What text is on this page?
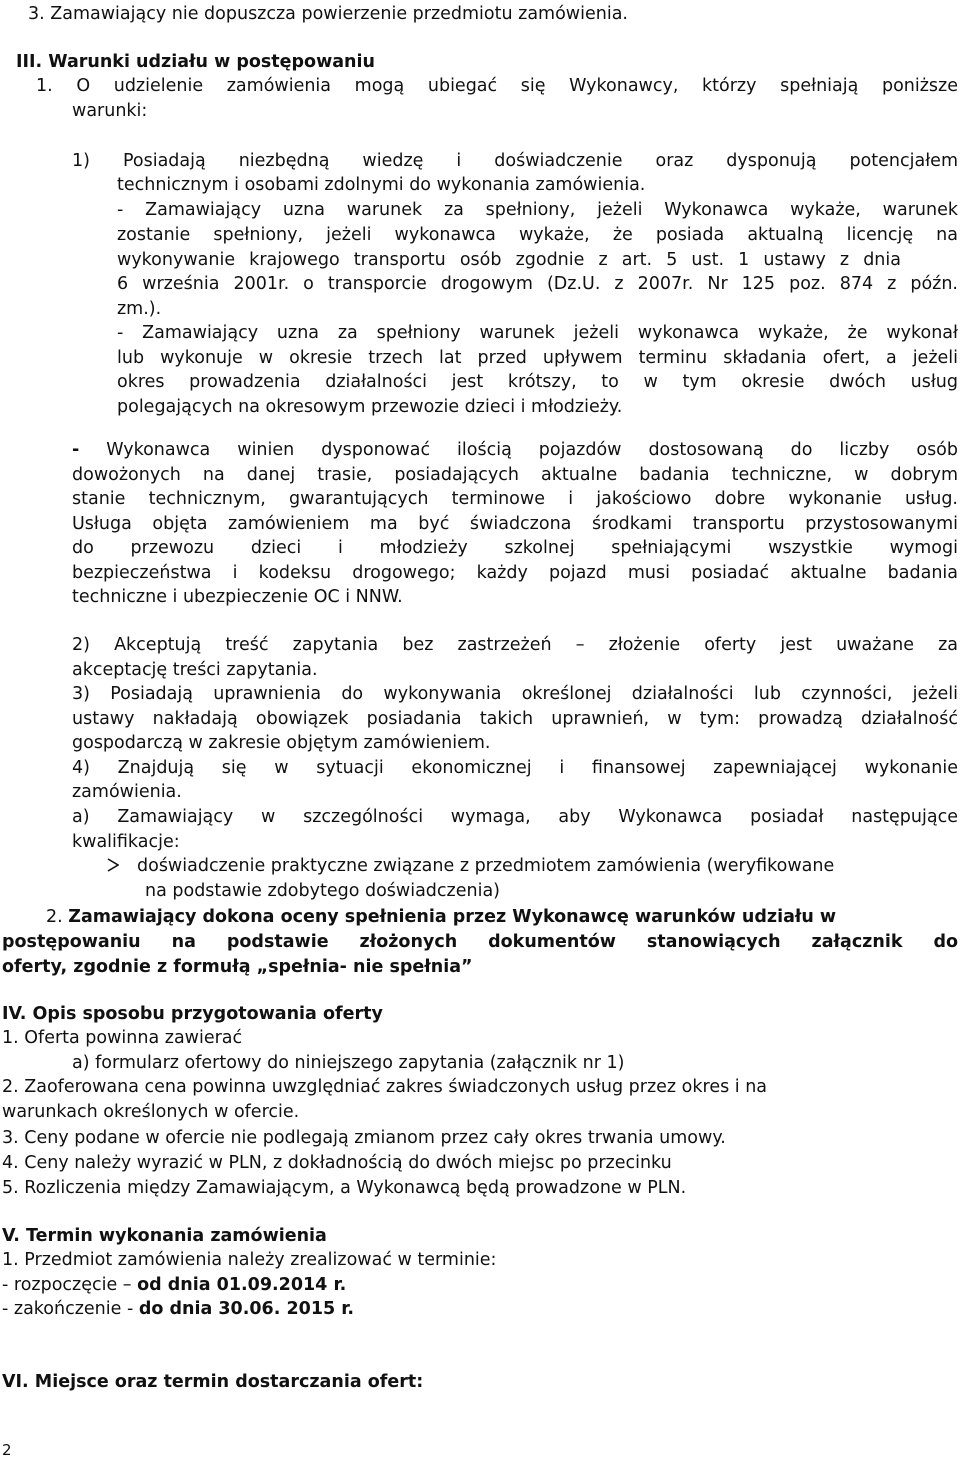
3. Zamawiający nie dopuszcza powierzenie przedmiotu zamówienia.
III. Warunki udziału w postępowaniu
1. O udzielenie zamówienia mogą ubiegać się Wykonawcy, którzy spełniają poniższe
warunki:
1) Posiadają niezbędną wiedzę i doświadczenie oraz dysponują potencjałem
technicznym i osobami zdolnymi do wykonania zamówienia.
- Zamawiający uzna warunek za spełniony, jeżeli Wykonawca wykaże, warunek
zostanie spełniony, jeżeli wykonawca wykaże, że posiada aktualną licencję na
wykonywanie krajowego transportu osób zgodnie z art. 5 ust. 1 ustawy z dnia
6 września 2001r. o transporcie drogowym (Dz.U. z 2007r. Nr 125 poz. 874 z późn.
zm.).
- Zamawiający uzna za spełniony warunek jeżeli wykonawca wykaże, że wykonał
lub wykonuje w okresie trzech lat przed upływem terminu składania ofert, a jeżeli
okres prowadzenia działalności jest krótszy, to w tym okresie dwóch usług
polegających na okresowym przewozie dzieci i młodzieży.
- Wykonawca winien dysponować ilością pojazdów dostosowaną do liczby osób
dowożonych na danej trasie, posiadających aktualne badania techniczne, w dobrym
stanie technicznym, gwarantujących terminowe i jakościowo dobre wykonanie usług.
Usługa objęta zamówieniem ma być świadczona środkami transportu przystosowanymi
do przewozu dzieci i młodzieży szkolnej spełniającymi wszystkie wymogi
bezpieczeństwa i kodeksu drogowego; każdy pojazd musi posiadać aktualne badania
techniczne i ubezpieczenie OC i NNW.
2) Akceptują treść zapytania bez zastrzeżeń – złożenie oferty jest uważane za
akceptację treści zapytania.
3) Posiadają uprawnienia do wykonywania określonej działalności lub czynności, jeżeli
ustawy nakładają obowiązek posiadania takich uprawnień, w tym: prowadzą działalność
gospodarczą w zakresie objętym zamówieniem.
4) Znajdują się w sytuacji ekonomicznej i finansowej zapewniającej wykonanie
zamówienia.
a) Zamawiający w szczególności wymaga, aby Wykonawca posiadał następujące
kwalifikacje:
doświadczenie praktyczne związane z przedmiotem zamówienia (weryfikowane
na podstawie zdobytego doświadczenia)
2. Zamawiający dokona oceny spełnienia przez Wykonawcę warunków udziału w
postępowaniu na podstawie złożonych dokumentów stanowiących załącznik do
oferty, zgodnie z formułą „spełnia- nie spełnia”
IV. Opis sposobu przygotowania oferty
1. Oferta powinna zawierać
a) formularz ofertowy do niniejszego zapytania (załącznik nr 1)
2. Zaoferowana cena powinna uwzględniać zakres świadczonych usług przez okres i na
warunkach określonych w ofercie.
3. Ceny podane w ofercie nie podlegają zmianom przez cały okres trwania umowy.
4. Ceny należy wyrazić w PLN, z dokładnością do dwóch miejsc po przecinku
5. Rozliczenia między Zamawiającym, a Wykonawcą będą prowadzone w PLN.
V. Termin wykonania zamówienia
1. Przedmiot zamówienia należy zrealizować w terminie:
- rozpoczęcie – od dnia 01.09.2014 r.
- zakończenie - do dnia 30.06. 2015 r.
VI. Miejsce oraz termin dostarczania ofert:
2
